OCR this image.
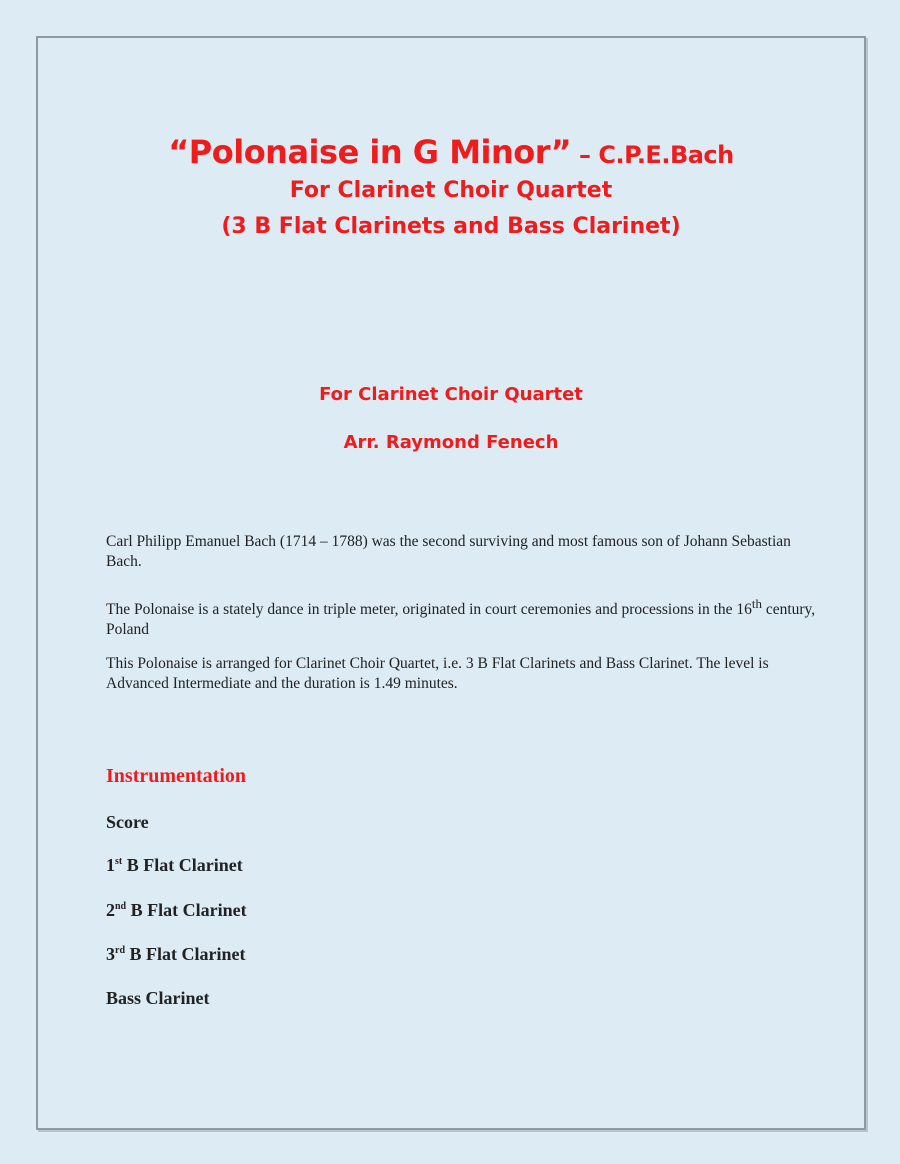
“Polonaise in G Minor” – C.P.E.Bach
For Clarinet Choir Quartet
(3 B Flat Clarinets and Bass Clarinet)
For Clarinet Choir Quartet
Arr. Raymond Fenech
Carl Philipp Emanuel Bach (1714 – 1788) was the second surviving and most famous son of Johann Sebastian Bach.
The Polonaise is a stately dance in triple meter, originated in court ceremonies and processions in the 16th century, Poland
This Polonaise is arranged for Clarinet Choir Quartet, i.e. 3 B Flat Clarinets and Bass Clarinet. The level is Advanced Intermediate and the duration is 1.49 minutes.
Instrumentation
Score
1st B Flat Clarinet
2nd B Flat Clarinet
3rd B Flat Clarinet
Bass Clarinet
